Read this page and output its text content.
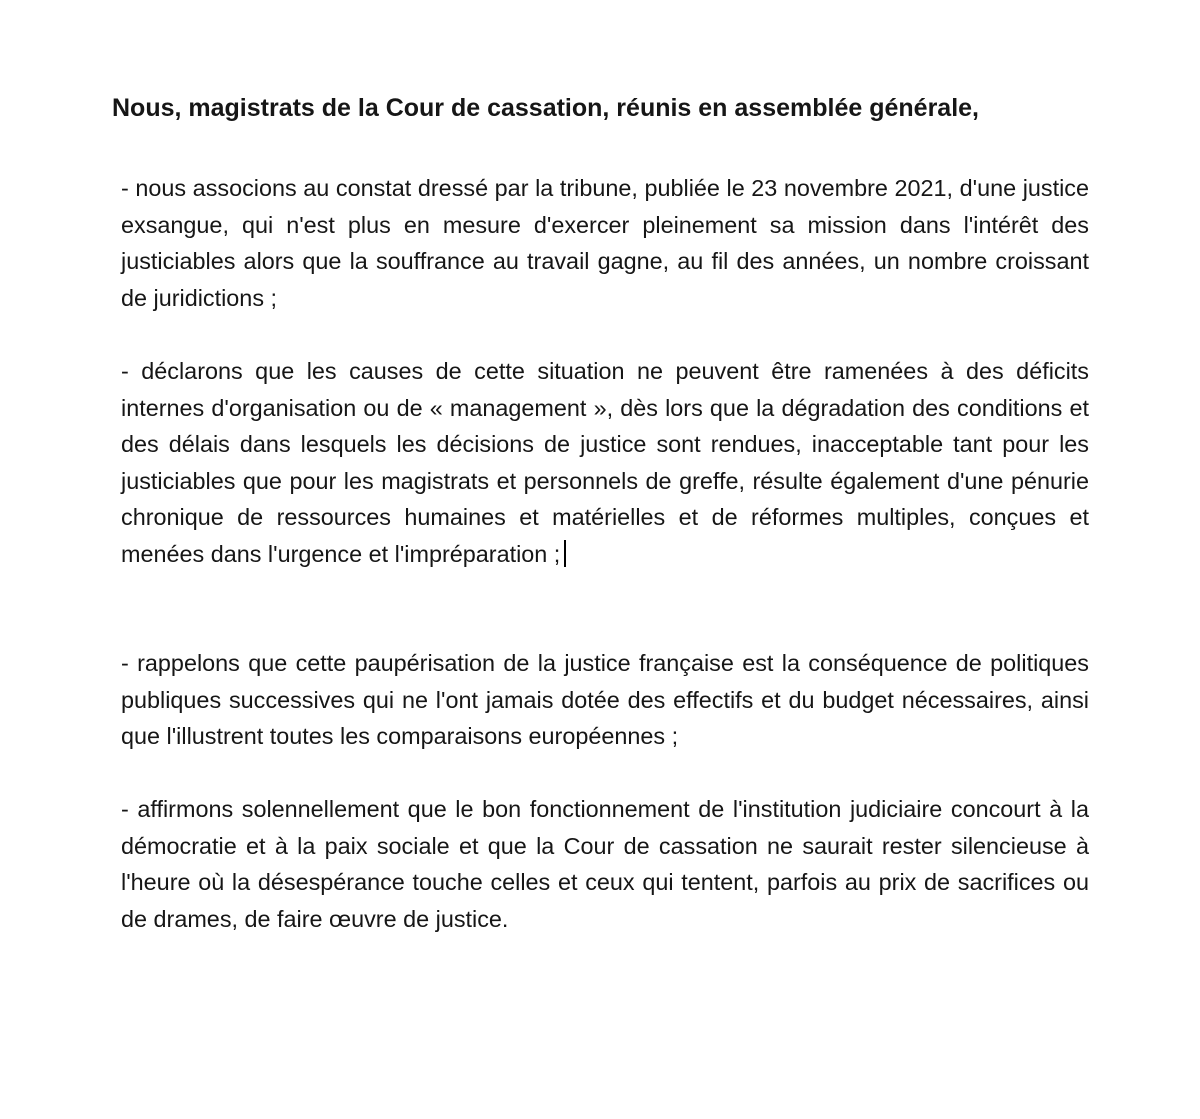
Nous, magistrats de la Cour de cassation, réunis en assemblée générale,

- nous associons au constat dressé par la tribune, publiée le 23 novembre 2021, d'une justice exsangue, qui n'est plus en mesure d'exercer pleinement sa mission dans l'intérêt des justiciables alors que la souffrance au travail gagne, au fil des années, un nombre croissant de juridictions ;

- déclarons que les causes de cette situation ne peuvent être ramenées à des déficits internes d'organisation ou de « management », dès lors que la dégradation des conditions et des délais dans lesquels les décisions de justice sont rendues, inacceptable tant pour les justiciables que pour les magistrats et personnels de greffe, résulte également d'une pénurie chronique de ressources humaines et matérielles et de réformes multiples, conçues et menées dans l'urgence et l'impréparation ;

- rappelons que cette paupérisation de la justice française est la conséquence de politiques publiques successives qui ne l'ont jamais dotée des effectifs et du budget nécessaires, ainsi que l'illustrent toutes les comparaisons européennes ;

- affirmons solennellement que le bon fonctionnement de l'institution judiciaire concourt à la démocratie et à la paix sociale et que la Cour de cassation ne saurait rester silencieuse à l'heure où la désespérance touche celles et ceux qui tentent, parfois au prix de sacrifices ou de drames, de faire œuvre de justice.
